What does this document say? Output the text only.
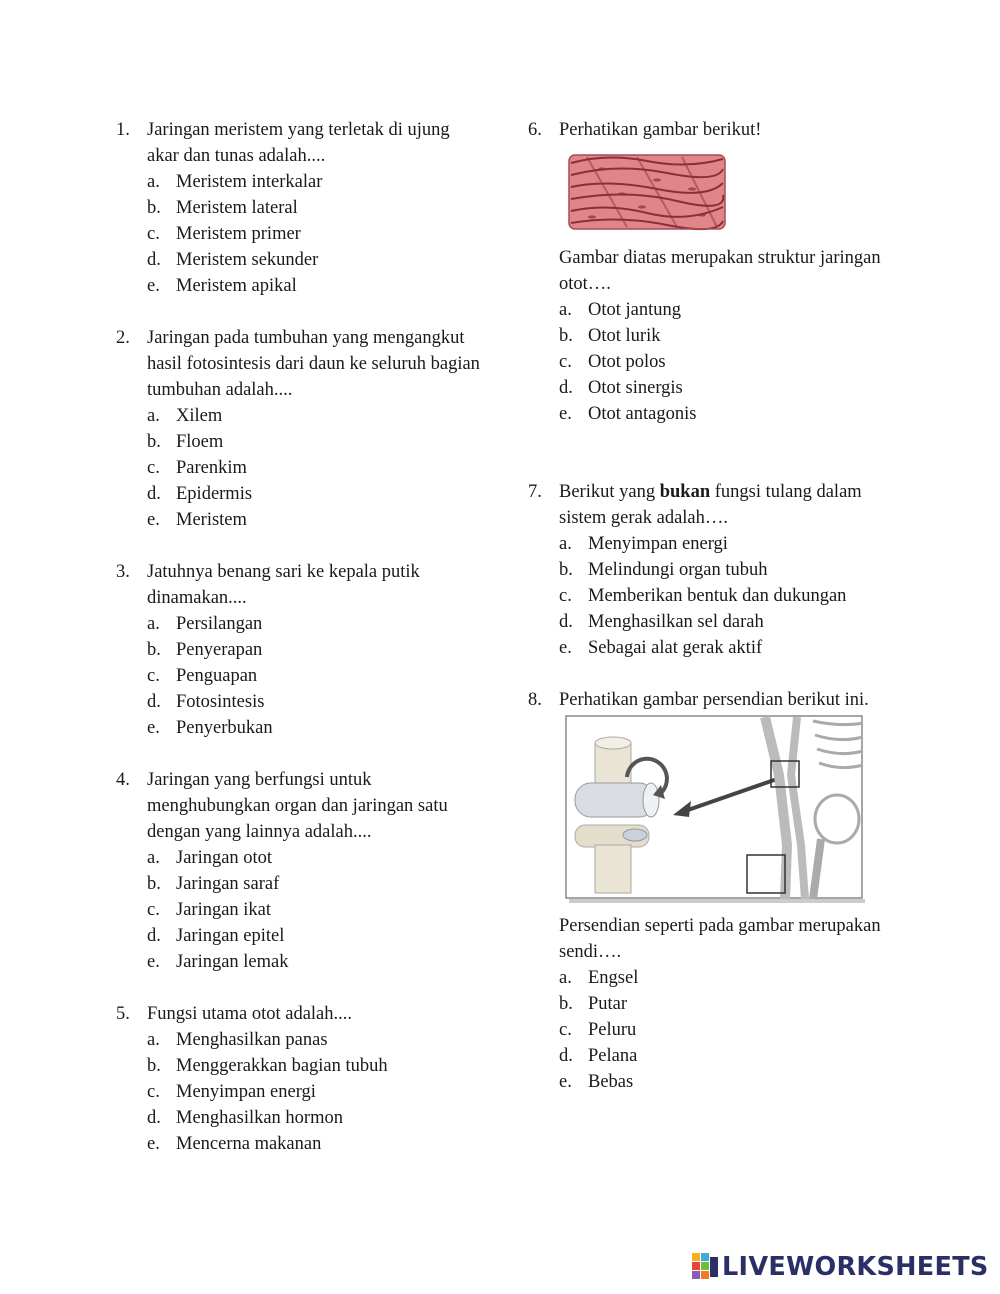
1. Jaringan meristem yang terletak di ujung akar dan tunas adalah....
a. Meristem interkalar
b. Meristem lateral
c. Meristem primer
d. Meristem sekunder
e. Meristem apikal
2. Jaringan pada tumbuhan yang mengangkut hasil fotosintesis dari daun ke seluruh bagian tumbuhan adalah....
a. Xilem
b. Floem
c. Parenkim
d. Epidermis
e. Meristem
3. Jatuhnya benang sari ke kepala putik dinamakan....
a. Persilangan
b. Penyerapan
c. Penguapan
d. Fotosintesis
e. Penyerbukan
4. Jaringan yang berfungsi untuk menghubungkan organ dan jaringan satu dengan yang lainnya adalah....
a. Jaringan otot
b. Jaringan saraf
c. Jaringan ikat
d. Jaringan epitel
e. Jaringan lemak
5. Fungsi utama otot adalah....
a. Menghasilkan panas
b. Menggerakkan bagian tubuh
c. Menyimpan energi
d. Menghasilkan hormon
e. Mencerna makanan
6. Perhatikan gambar berikut!
Gambar diatas merupakan struktur jaringan otot….
a. Otot jantung
b. Otot lurik
c. Otot polos
d. Otot sinergis
e. Otot antagonis
7. Berikut yang bukan fungsi tulang dalam sistem gerak adalah….
a. Menyimpan energi
b. Melindungi organ tubuh
c. Memberikan bentuk dan dukungan
d. Menghasilkan sel darah
e. Sebagai alat gerak aktif
8. Perhatikan gambar persendian berikut ini.
Persendian seperti pada gambar merupakan sendi….
a. Engsel
b. Putar
c. Peluru
d. Pelana
e. Bebas
LIVEWORKSHEETS
